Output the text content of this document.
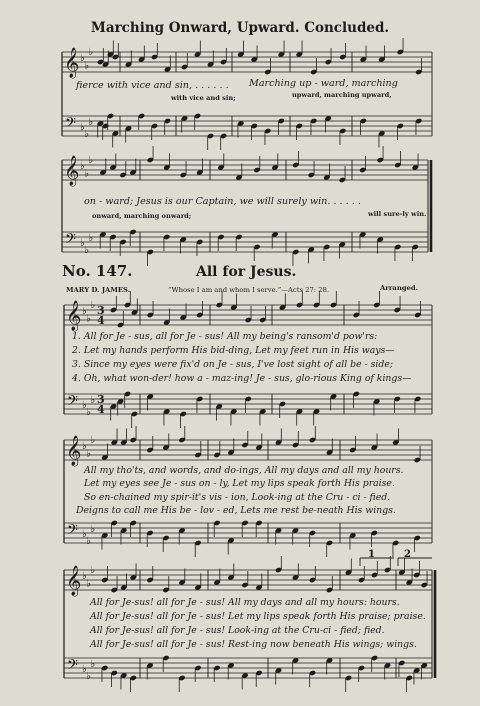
𝄞
𝄢
♭
♭
♭
♭
♭
♭
𝄞
𝄢
♭
♭
♭
♭
♭
♭
𝄞
𝄢
♭
♭
♭
♭
♭
♭
3
4
3
4
𝄞
𝄢
♭
♭
♭
♭
♭
♭
𝄞
𝄢
♭
♭
♭
♭
♭
♭
Marching Onward, Upward. Concluded.
fierce with vice and sin, . . . . . . Marching up - ward, marching
with vice and sin;	upward, marching upward,
on - ward; Jesus is our Captain, we will surely win. . . . . .
onward, marching onward;	will sure-ly win.
No. 147.	All for Jesus.
MARY D. JAMES.	“Whose I am and whom I serve.”—Acts 27: 28.	Arranged.
1. All for Je - sus, all for Je - sus! All my being's ransom'd pow'rs:
2. Let my hands perform His bid-ding, Let my feet run in His ways—
3. Since my eyes were fix'd on Je - sus, I've lost sight of all be - side;
4. Oh, what won-der! how a - maz-ing! Je - sus, glo-rious King of kings—
All my tho'ts, and words, and do-ings, All my days and all my hours.
Let my eyes see Je - sus on - ly, Let my lips speak forth His praise.
So en-chained my spir-it's vis - ion, Look-ing at the Cru - ci - fied.
Deigns to call me His be - lov - ed, Lets me rest be-neath His wings.
1	2
All for Je-sus! all for Je - sus! All my days and all my hours: hours.
All for Je-sus! all for Je - sus! Let my lips speak forth His praise; praise.
All for Je-sus! all for Je - sus! Look-ing at the Cru-ci - fied; fied.
All for Je-sus! all for Je - sus! Rest-ing now beneath His wings; wings.
